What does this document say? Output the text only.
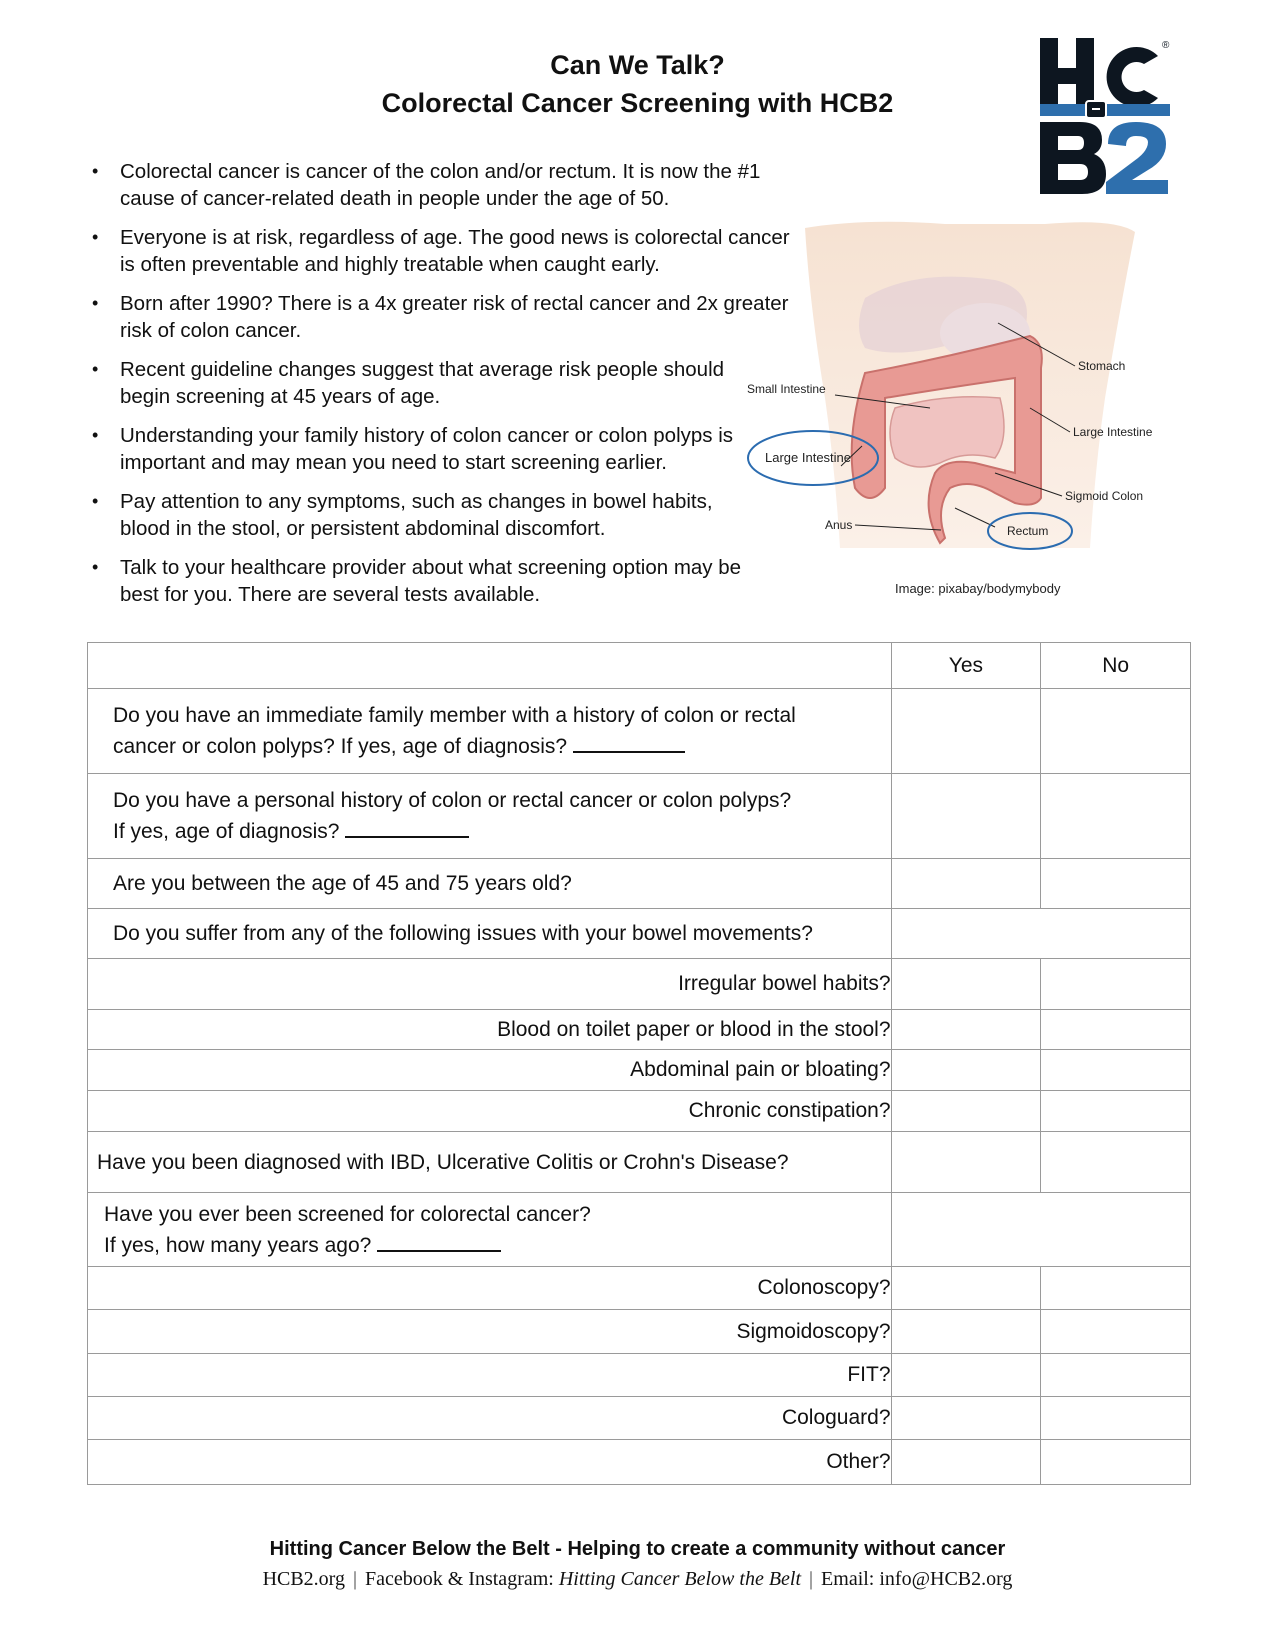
Can We Talk?
Colorectal Cancer Screening with HCB2
®
• Colorectal cancer is cancer of the colon and/or rectum. It is now the #1 cause of cancer-related death in people under the age of 50.
• Everyone is at risk, regardless of age. The good news is colorectal cancer is often preventable and highly treatable when caught early.
• Born after 1990? There is a 4x greater risk of rectal cancer and 2x greater risk of colon cancer.
• Recent guideline changes suggest that average risk people should begin screening at 45 years of age.
• Understanding your family history of colon cancer or colon polyps is important and may mean you need to start screening earlier.
• Pay attention to any symptoms, such as changes in bowel habits, blood in the stool, or persistent abdominal discomfort.
• Talk to your healthcare provider about what screening option may be best for you. There are several tests available.
Stomach
Small Intestine
Large Intestine
Large Intestine
Sigmoid Colon
Anus	Rectum
Image: pixabay/bodymybody
	Yes	No

Do you have an immediate family member with a history of colon or rectal
cancer or colon polyps? If yes, age of diagnosis?		

Do you have a personal history of colon or rectal cancer or colon polyps?
If yes, age of diagnosis?		

Are you between the age of 45 and 75 years old?		

Do you suffer from any of the following issues with your bowel movements?		

Irregular bowel habits?		
Blood on toilet paper or blood in the stool?		
Abdominal pain or bloating?		
Chronic constipation?		

Have you been diagnosed with IBD, Ulcerative Colitis or Crohn's Disease?		

Have you ever been screened for colorectal cancer?
If yes, how many years ago?		

Colonoscopy?		
Sigmoidoscopy?		
FIT?		
Cologuard?		
Other?		
Hitting Cancer Below the Belt - Helping to create a community without cancer
HCB2.org | Facebook & Instagram: Hitting Cancer Below the Belt | Email: info@HCB2.org
